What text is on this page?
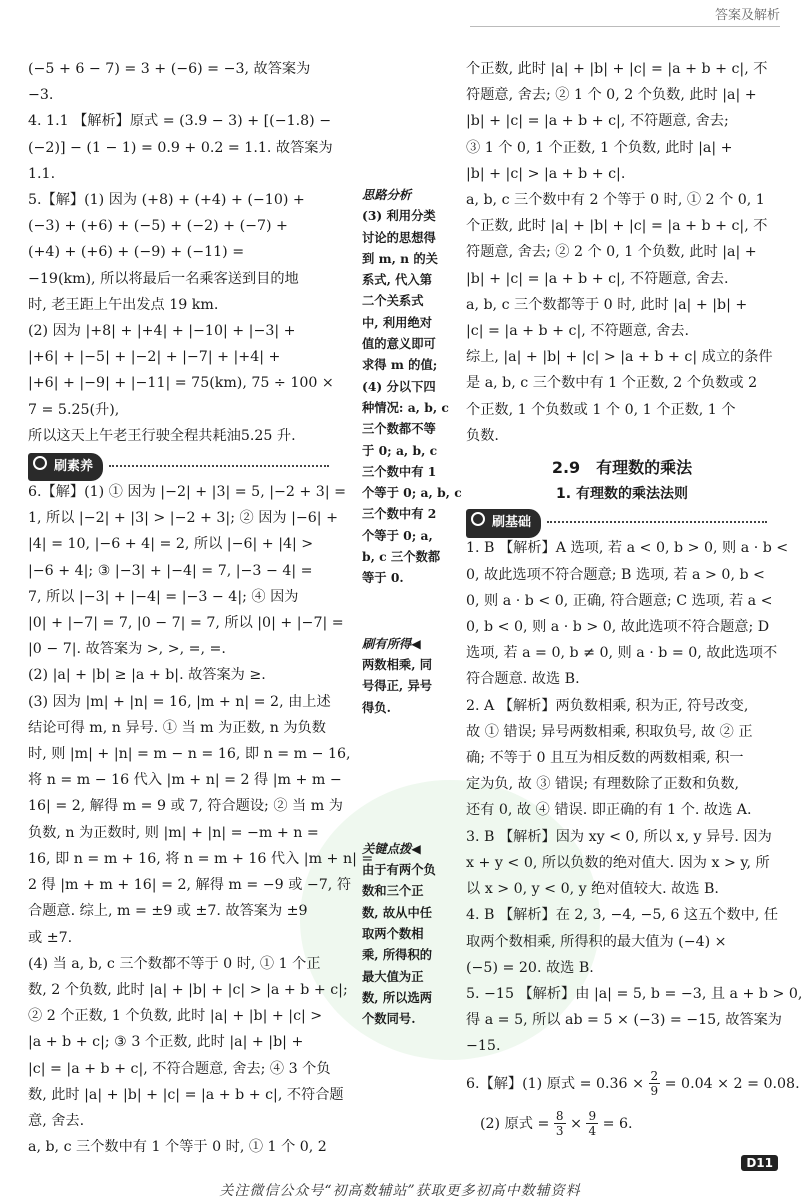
答案及解析

(−5 + 6 − 7) = 3 + (−6) = −3, 故答案为

−3.

4. 1.1 【解析】原式 = (3.9 − 3) + [(−1.8) −

(−2)] − (1 − 1) = 0.9 + 0.2 = 1.1. 故答案为

1.1.

5.【解】(1) 因为 (+8) + (+4) + (−10) +

(−3) + (+6) + (−5) + (−2) + (−7) +

(+4) + (+6) + (−9) + (−11) =

−19(km), 所以将最后一名乘客送到目的地

时, 老王距上午出发点 19 km.

(2) 因为 |+8| + |+4| + |−10| + |−3| +

|+6| + |−5| + |−2| + |−7| + |+4| +

|+6| + |−9| + |−11| = 75(km), 75 ÷ 100 ×

7 = 5.25(升),

所以这天上午老王行驶全程共耗油5.25 升.

刷素养

6.【解】(1) ① 因为 |−2| + |3| = 5, |−2 + 3| =

1, 所以 |−2| + |3| > |−2 + 3|; ② 因为 |−6| +

|4| = 10, |−6 + 4| = 2, 所以 |−6| + |4| >

|−6 + 4|; ③ |−3| + |−4| = 7, |−3 − 4| =

7, 所以 |−3| + |−4| = |−3 − 4|; ④ 因为

|0| + |−7| = 7, |0 − 7| = 7, 所以 |0| + |−7| =

|0 − 7|. 故答案为 >, >, =, =.

(2) |a| + |b| ≥ |a + b|. 故答案为 ≥.

(3) 因为 |m| + |n| = 16, |m + n| = 2, 由上述

结论可得 m, n 异号. ① 当 m 为正数, n 为负数

时, 则 |m| + |n| = m − n = 16, 即 n = m − 16,

将 n = m − 16 代入 |m + n| = 2 得 |m + m −

16| = 2, 解得 m = 9 或 7, 符合题设; ② 当 m 为

负数, n 为正数时, 则 |m| + |n| = −m + n =

16, 即 n = m + 16, 将 n = m + 16 代入 |m + n| =

2 得 |m + m + 16| = 2, 解得 m = −9 或 −7, 符

合题意. 综上, m = ±9 或 ±7. 故答案为 ±9

或 ±7.

(4) 当 a, b, c 三个数都不等于 0 时, ① 1 个正

数, 2 个负数, 此时 |a| + |b| + |c| > |a + b + c|;

② 2 个正数, 1 个负数, 此时 |a| + |b| + |c| >

|a + b + c|; ③ 3 个正数, 此时 |a| + |b| +

|c| = |a + b + c|, 不符合题意, 舍去; ④ 3 个负

数, 此时 |a| + |b| + |c| = |a + b + c|, 不符合题

意, 舍去.

a, b, c 三个数中有 1 个等于 0 时, ① 1 个 0, 2

思路分析

(3) 利用分类

讨论的思想得

到 m, n 的关

系式, 代入第

二个关系式

中, 利用绝对

值的意义即可

求得 m 的值;

(4) 分以下四

种情况: a, b, c

三个数都不等

于 0; a, b, c

三个数中有 1

个等于 0; a, b, c

三个数中有 2

个等于 0; a,

b, c 三个数都

等于 0.

刷有所得◀

两数相乘, 同

号得正, 异号

得负.

关键点拨◀

由于有两个负

数和三个正

数, 故从中任

取两个数相

乘, 所得积的

最大值为正

数, 所以选两

个数同号.

个正数, 此时 |a| + |b| + |c| = |a + b + c|, 不

符题意, 舍去; ② 1 个 0, 2 个负数, 此时 |a| +

|b| + |c| = |a + b + c|, 不符题意, 舍去;

③ 1 个 0, 1 个正数, 1 个负数, 此时 |a| +

|b| + |c| > |a + b + c|.

a, b, c 三个数中有 2 个等于 0 时, ① 2 个 0, 1

个正数, 此时 |a| + |b| + |c| = |a + b + c|, 不

符题意, 舍去; ② 2 个 0, 1 个负数, 此时 |a| +

|b| + |c| = |a + b + c|, 不符题意, 舍去.

a, b, c 三个数都等于 0 时, 此时 |a| + |b| +

|c| = |a + b + c|, 不符题意, 舍去.

综上, |a| + |b| + |c| > |a + b + c| 成立的条件

是 a, b, c 三个数中有 1 个正数, 2 个负数或 2

个正数, 1 个负数或 1 个 0, 1 个正数, 1 个

负数.

2.9　有理数的乘法

1. 有理数的乘法法则

刷基础

1. B 【解析】A 选项, 若 a < 0, b > 0, 则 a · b <

0, 故此选项不符合题意; B 选项, 若 a > 0, b <

0, 则 a · b < 0, 正确, 符合题意; C 选项, 若 a <

0, b < 0, 则 a · b > 0, 故此选项不符合题意; D

选项, 若 a = 0, b ≠ 0, 则 a · b = 0, 故此选项不

符合题意. 故选 B.

2. A 【解析】两负数相乘, 积为正, 符号改变,

故 ① 错误; 异号两数相乘, 积取负号, 故 ② 正

确; 不等于 0 且互为相反数的两数相乘, 积一

定为负, 故 ③ 错误; 有理数除了正数和负数,

还有 0, 故 ④ 错误. 即正确的有 1 个. 故选 A.

3. B 【解析】因为 xy < 0, 所以 x, y 异号. 因为

x + y < 0, 所以负数的绝对值大. 因为 x > y, 所

以 x > 0, y < 0, y 绝对值较大. 故选 B.

4. B 【解析】在 2, 3, −4, −5, 6 这五个数中, 任

取两个数相乘, 所得积的最大值为 (−4) ×

(−5) = 20. 故选 B.

5. −15 【解析】由 |a| = 5, b = −3, 且 a + b > 0,

得 a = 5, 所以 ab = 5 × (−3) = −15, 故答案为

−15.

6.【解】(1) 原式 = $0.36 \times \frac{2}{9} = 0.04 \times 2 = 0.08$.

(2) 原式 = $\frac{8}{3} \times \frac{9}{4} = 6$.

D11
关注微信公众号“初高数辅站”获取更多初高中数辅资料
